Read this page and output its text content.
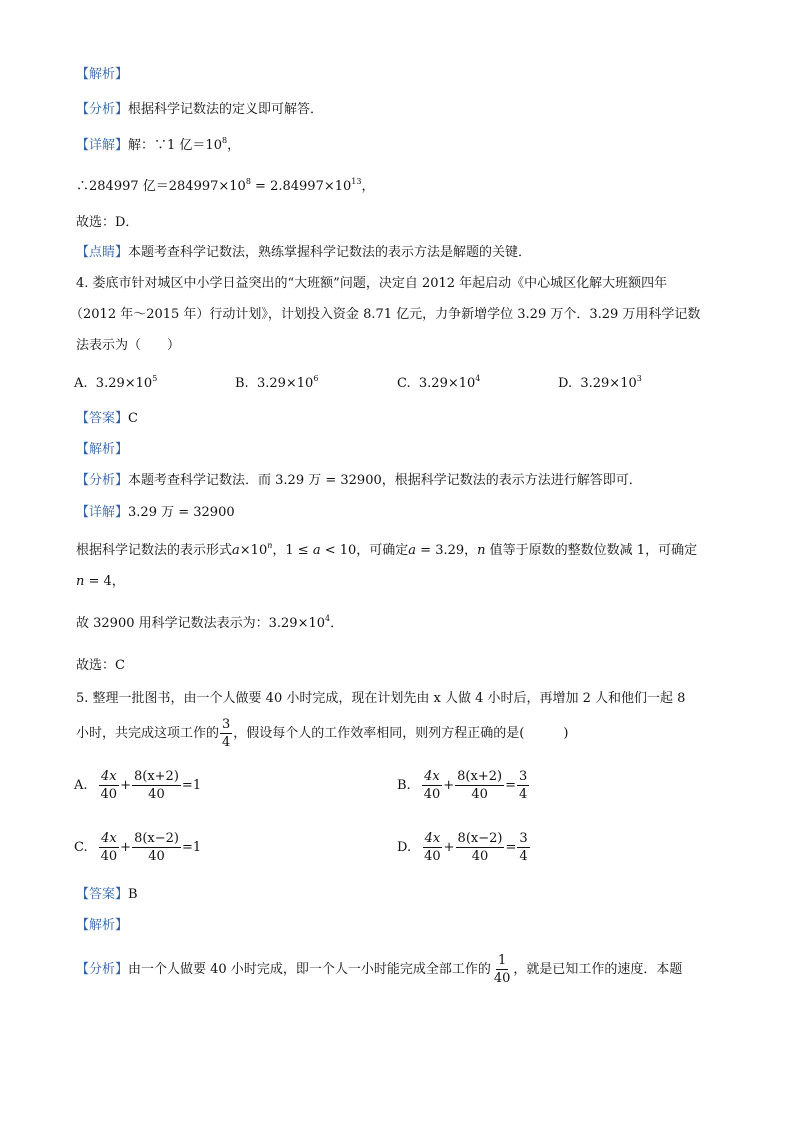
【解析】
【分析】根据科学记数法的定义即可解答．
【详解】解：∵1 亿$=10^8$，
∴284997 亿$=284997\times 10^8 = 2.84997\times 10^{13}$，
故选：D．
【点睛】本题考查科学记数法，熟练掌握科学记数法的表示方法是解题的关键．
4. 娄底市针对城区中小学日益突出的“大班额”问题，决定自 2012 年起启动《中心城区化解大班额四年
（2012 年～2015 年）行动计划》，计划投入资金 8.71 亿元，力争新增学位 3.29 万个．3.29 万用科学记数
法表示为（　　）
A. $3.29\times 10^5$	B. $3.29\times 10^6$	C. $3.29\times 10^4$	D. $3.29\times 10^3$
【答案】C
【解析】
【分析】本题考查科学记数法．而 3.29 万 = 32900，根据科学记数法的表示方法进行解答即可．
【详解】3.29 万 = 32900
根据科学记数法的表示形式$a\times 10^n$，1 ≤ a < 10，可确定a = 3.29，n 值等于原数的整数位数减 1，可确定
n = 4，
故 32900 用科学记数法表示为：$3.29\times 10^4$．
故选：C
5. 整理一批图书，由一个人做要 40 小时完成，现在计划先由 x 人做 4 小时后，再增加 2 人和他们一起 8
小时，共完成这项工作的 $\frac{3}{4}$ ，假设每个人的工作效率相同，则列方程正确的是(　　　)
A. $\frac{4x}{40} + \frac{8(x+2)}{40} = 1$	B. $\frac{4x}{40} + \frac{8(x+2)}{40} = \frac{3}{4}$
C. $\frac{4x}{40} + \frac{8(x-2)}{40} = 1$	D. $\frac{4x}{40} + \frac{8(x-2)}{40} = \frac{3}{4}$
【答案】B
【解析】
【分析】 由一个人做要 40 小时完成，即一个人一小时能完成全部工作的 $\frac{1}{40}$ ，就是已知工作的速度．本题
